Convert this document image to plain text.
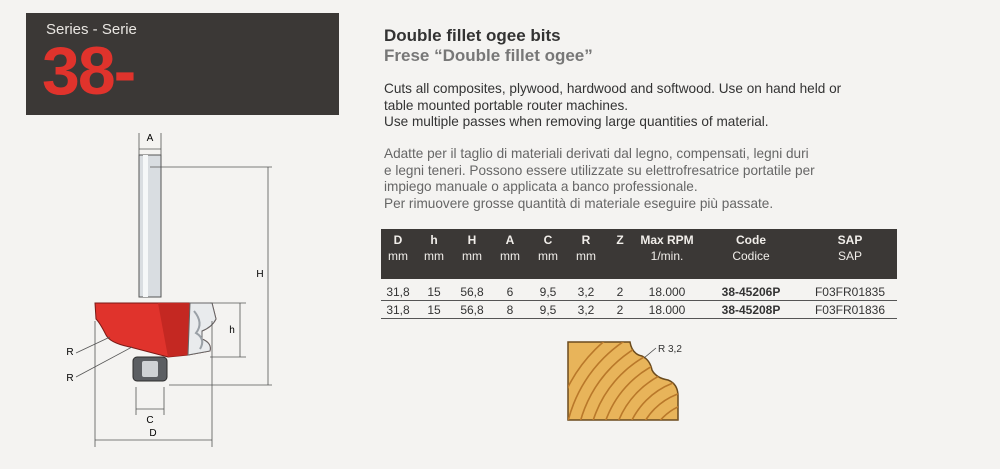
Series - Serie
38-
A
H
h
C
D
R
R
Double fillet ogee bits
Frese “Double fillet ogee”

Cuts all composites, plywood, hardwood and softwood. Use on hand held or

table mounted portable router machines.

Use multiple passes when removing large quantities of material.

Adatte per il taglio di materiali derivati dal legno, compensati, legni duri

e legni teneri. Possono essere utilizzate su elettrofresatrice portatile per

impiego manuale o applicata a banco professionale.

Per rimuovere grosse quantità di materiale eseguire più passate.

D	h	H	A	C	R	Z	Max RPM	Code	SAP
mm	mm	mm	mm	mm	mm		1/min.	Codice	SAP
31,8	15	56,8	6	9,5	3,2	2	18.000	38-45206P	F03FR01835
31,8	15	56,8	8	9,5	3,2	2	18.000	38-45208P	F03FR01836
R 3,2
